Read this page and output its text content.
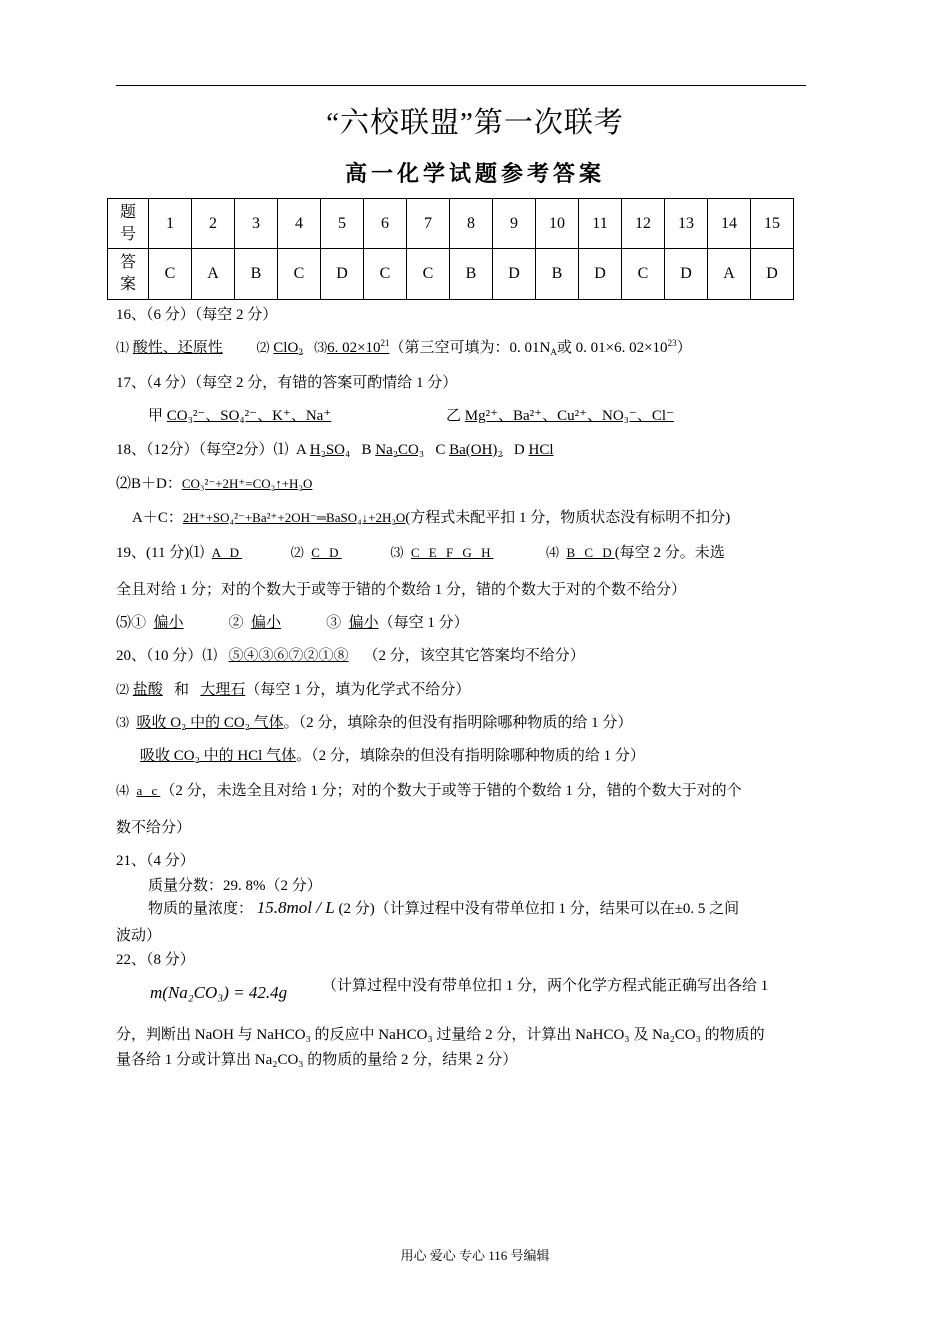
“六校联盟”第一次联考
高一化学试题参考答案
题
号	1	2	3	4	5	6	7	8	9	10	11	12	13	14	15

答
案	C	A	B	C	D	C	C	B	D	B	D	C	D	A	D
16、（6 分）（每空 2 分）
⑴ 酸性、还原性	⑵ ClO$_2$ ⑶6. $02\times 10^{21}$（第三空可填为：0. $01N_A$或 0. 01×6. $02\times 10^{23}$）
17、（4 分）（每空 2 分，有错的答案可酌情给 1 分）
甲 CO₃²⁻、SO₄²⁻、K⁺、Na⁺	乙 Mg²⁺、Ba²⁺、Cu²⁺、NO₃⁻、Cl⁻
18、（12分）（每空2分）⑴ A H₂SO₄ B Na₂CO₃ C Ba(OH)₂ D HCl
⑵B＋D：CO₃²⁻+2H⁺=CO₂↑+H₂O
A＋C：2H⁺+SO₄²⁻+Ba²⁺+2OH⁻═BaSO₄↓+2H₂O(方程式未配平扣 1 分，物质状态没有标明不扣分)
19、(11 分)⑴ A D	⑵ C D	⑶ C E F G H	⑷ B C D(每空 2 分。未选
全且对给 1 分；对的个数大于或等于错的个数给 1 分，错的个数大于对的个数不给分）
⑸① 偏小	② 偏小	③ 偏小（每空 1 分）
20、（10 分）⑴ ⑤④③⑥⑦②①⑧ （2 分，该空其它答案均不给分）
⑵ 盐酸 和 大理石（每空 1 分，填为化学式不给分）
⑶ 吸收 O₂ 中的 CO₂ 气体。（2 分，填除杂的但没有指明除哪种物质的给 1 分）
吸收 CO₂ 中的 HCl 气体。（2 分，填除杂的但没有指明除哪种物质的给 1 分）
⑷ a c（2 分，未选全且对给 1 分；对的个数大于或等于错的个数给 1 分，错的个数大于对的个
数不给分）
21、（4 分）
质量分数：29. 8%（2 分）
物质的量浓度： 15.8mol / L (2 分)（计算过程中没有带单位扣 1 分，结果可以在±0. 5 之间
波动）
22、（8 分）
m(Na₂CO₃) = 42.4g （计算过程中没有带单位扣 1 分，两个化学方程式能正确写出各给 1
分，判断出 NaOH 与 NaHCO₃ 的反应中 NaHCO₃ 过量给 2 分，计算出 NaHCO₃ 及 Na₂CO₃ 的物质的
量各给 1 分或计算出 Na₂CO₃ 的物质的量给 2 分，结果 2 分）
用心 爱心 专心 116 号编辑
